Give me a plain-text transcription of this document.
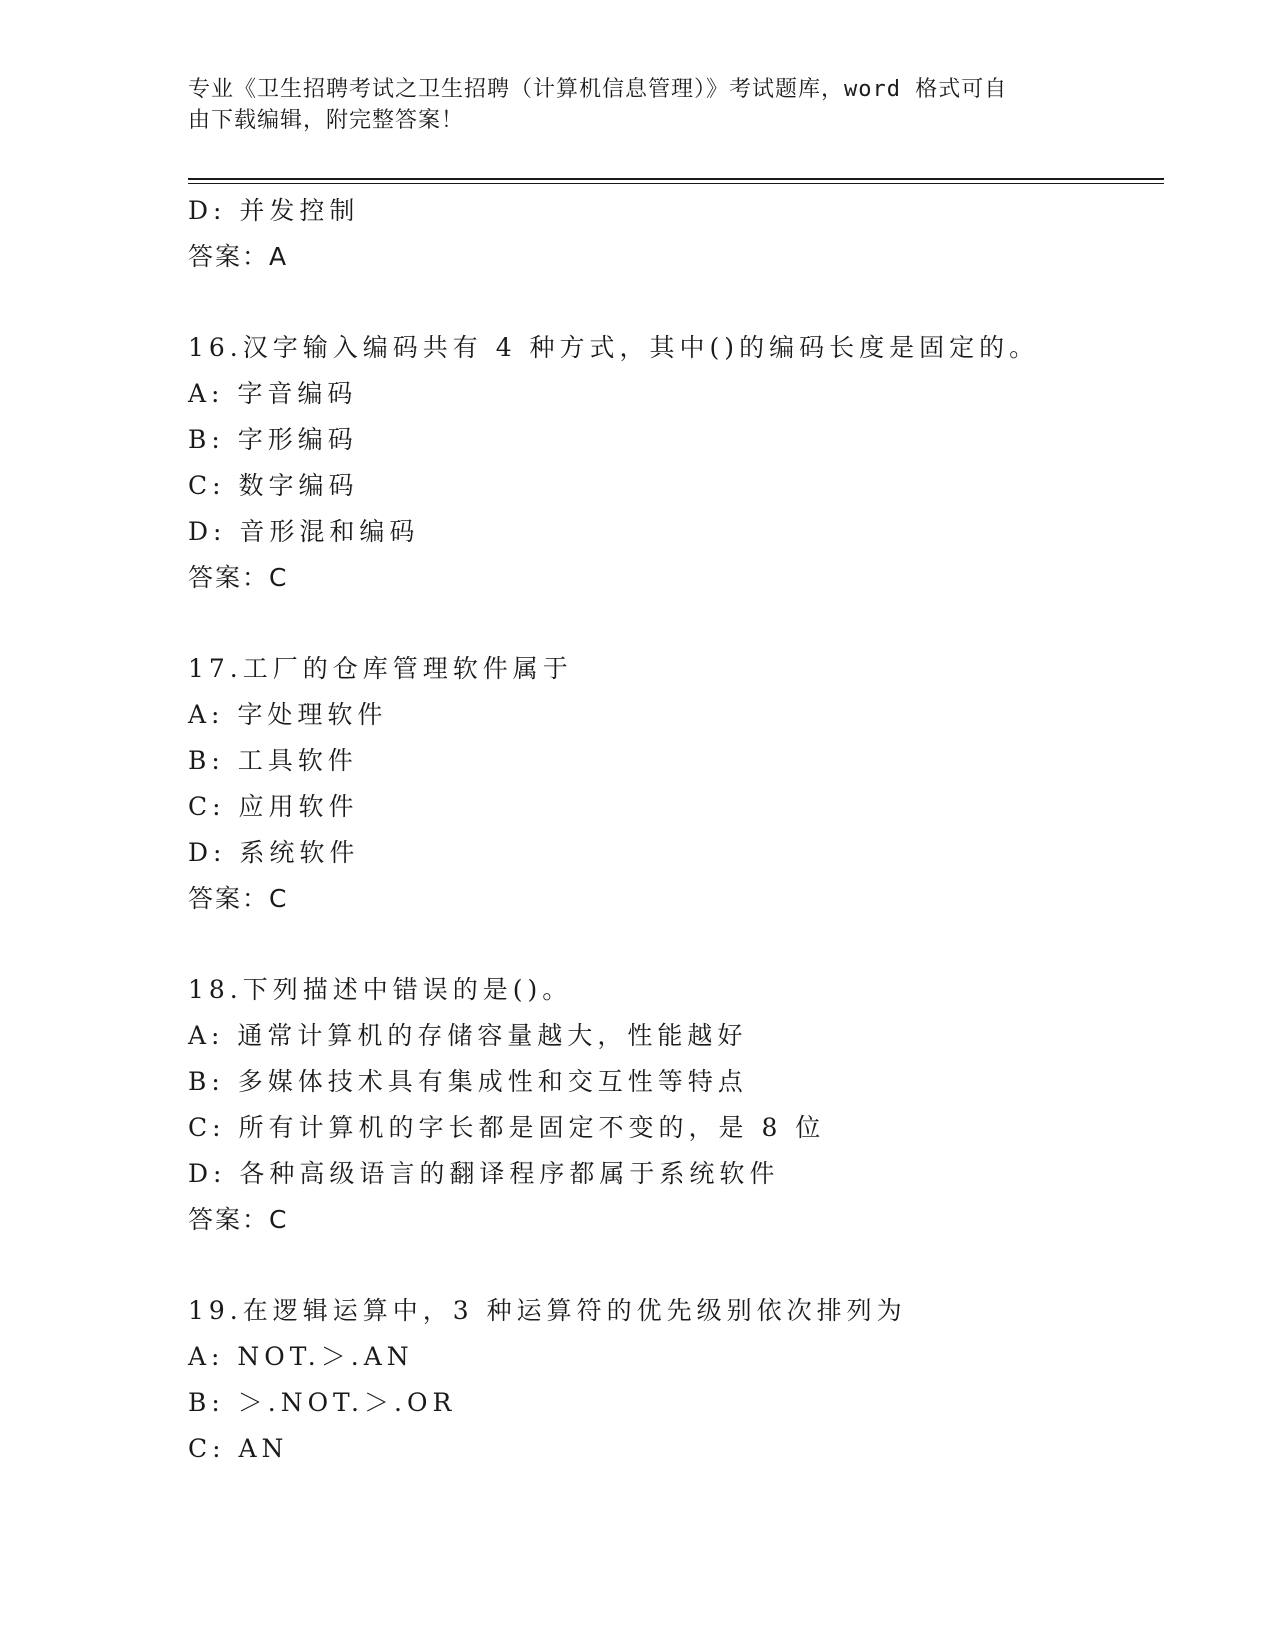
专业《卫生招聘考试之卫生招聘（计算机信息管理）》考试题库，word 格式可自
由下载编辑，附完整答案！
D: 并发控制
答案：A
16.汉字输入编码共有 4 种方式，其中()的编码长度是固定的。
A: 字音编码
B: 字形编码
C: 数字编码
D: 音形混和编码
答案：C
17.工厂的仓库管理软件属于
A: 字处理软件
B: 工具软件
C: 应用软件
D: 系统软件
答案：C
18.下列描述中错误的是()。
A: 通常计算机的存储容量越大，性能越好
B: 多媒体技术具有集成性和交互性等特点
C: 所有计算机的字长都是固定不变的，是 8 位
D: 各种高级语言的翻译程序都属于系统软件
答案：C
19.在逻辑运算中，3 种运算符的优先级别依次排列为
A: NOT.＞.AN
B: ＞.NOT.＞.OR
C: AN
